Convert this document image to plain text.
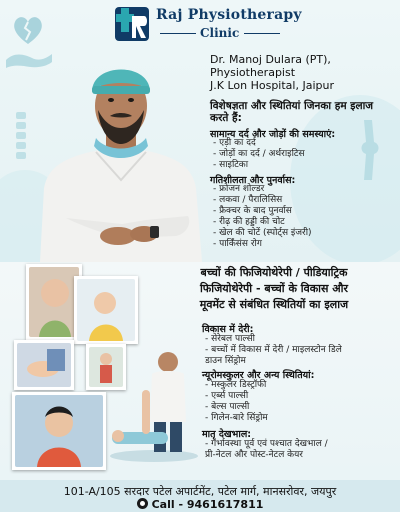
Raj Physiotherapy
Clinic
Dr. Manoj Dulara (PT),
Physiotherapist
J.K Lon Hospital, Jaipur
विशेषज्ञता और स्थितियां जिनका हम इलाज करते हैं:
सामान्य दर्द और जोड़ों की समस्याएं:
- एड़ी का दर्द
- जोड़ों का दर्द / अर्थराइटिस
- साइटिका
गतिशीलता और पुनर्वास:
- फ्रोजन शोल्डर
- लकवा / पैरालिसिस
- फ्रैक्चर के बाद पुनर्वास
- रीढ़ की हड्डी की चोट
- खेल की चोटें (स्पोर्ट्स इंजरी)
- पार्किंसंस रोग
बच्चों की फिजियोथेरेपी / पीडियाट्रिक
फिजियोथेरेपी - बच्चों के विकास और
मूवमेंट से संबंधित स्थितियों का इलाज
विकास में देरी:
- सेरेबल पाल्सी
- बच्चों में विकास में देरी / माइलस्टोन डिले
डाउन सिंड्रोम
न्यूरोमस्कुलर और अन्य स्थितियां:
- मस्कुलर डिस्ट्रॉफी
- एर्ब्स पाल्सी
- बेल्स पाल्सी
- गिलेन-बारे सिंड्रोम
मातृ देखभाल:
- गर्भावस्था पूर्व एवं पश्चात देखभाल /
प्री-नेटल और पोस्ट-नेटल केयर
101-A/105 सरदार पटेल अपार्टमेंट, पटेल मार्ग, मानसरोवर, जयपुर
Call - 9461617811
